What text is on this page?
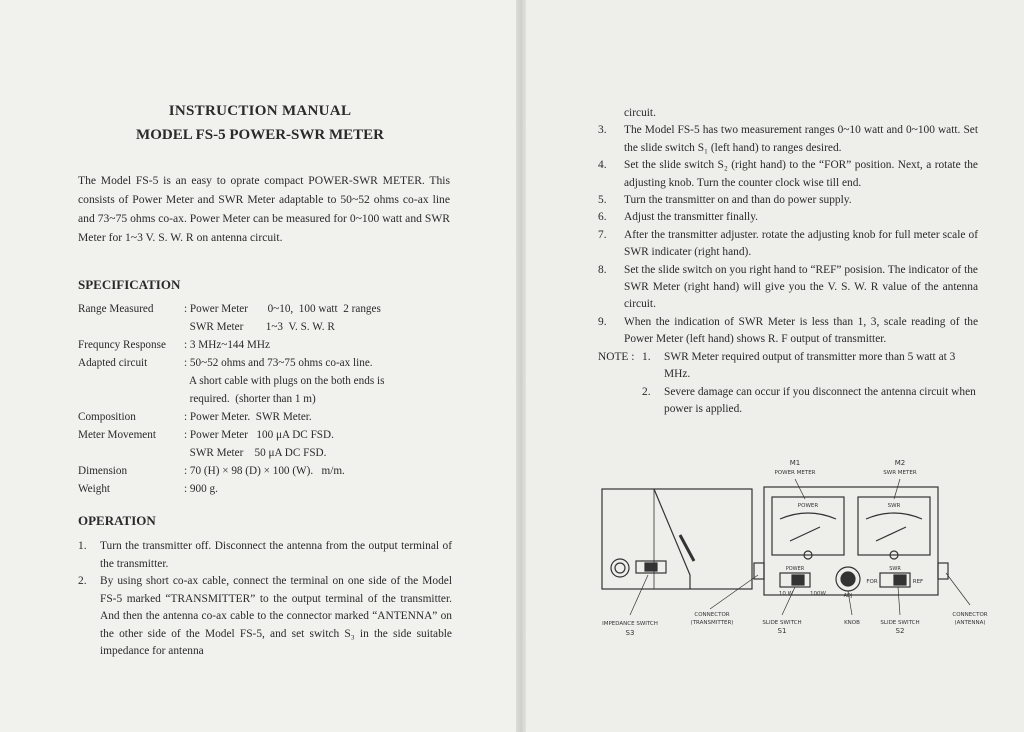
INSTRUCTION MANUAL
MODEL FS-5 POWER-SWR METER
The Model FS-5 is an easy to oprate compact POWER-SWR METER. This consists of Power Meter and SWR Meter adaptable to 50~52 ohms co-ax line and 73~75 ohms co-ax. Power Meter can be measured for 0~100 watt and SWR Meter for 1~3 V. S. W. R on antenna circuit.
SPECIFICATION
Range Measured	: Power Meter       0~10,  100 watt  2 ranges
SWR Meter        1~3  V. S. W. R
Frequncy Response	: 3 MHz~144 MHz
Adapted circuit	: 50~52 ohms and 73~75 ohms co-ax line.
A short cable with plugs on the both ends is
required.  (shorter than 1 m)
Composition	: Power Meter.  SWR Meter.
Meter Movement	: Power Meter   100 μA DC FSD.
SWR Meter    50 μA DC FSD.
Dimension	: 70 (H) × 98 (D) × 100 (W).   m/m.
Weight	: 900 g.
OPERATION
1.	Turn the transmitter off. Disconnect the antenna from the output terminal of the transmitter.
2.	By using short co-ax cable, connect the terminal on one side of the Model FS-5 marked “TRANSMITTER” to the output terminal of the transmitter. And then the antenna co-ax cable to the connector marked “ANTENNA” on the other side of the Model FS-5, and set switch S₃ in the side suitable impedance for antenna
circuit.
3.	The Model FS-5 has two measurement ranges 0~10 watt and 0~100 watt. Set the slide switch S₁ (left hand) to ranges desired.
4.	Set the slide switch S₂ (right hand) to the “FOR” position. Next, a rotate the adjusting knob. Turn the counter clock wise till end.
5.	Turn the transmitter on and than do power supply.
6.	Adjust the transmitter finally.
7.	After the transmitter adjuster. rotate the adjusting knob for full meter scale of SWR indicater (right hand).
8.	Set the slide switch on you right hand to “REF” posision. The indicator of the SWR Meter (right hand) will give you the V. S. W. R value of the antenna circuit.
9.	When the indication of SWR Meter is less than 1, 3, scale reading of the Power Meter (left hand) shows R. F output of transmitter.
NOTE : 1.	SWR Meter required output of transmitter more than 5 watt at 3 MHz.
2.	Severe damage can occur if you disconnect the antenna circuit when power is applied.
M1
POWER METER
M2
SWR METER
POWER	SWR
POWER	SWR
10 W	100W	ADJ
FOR	REF
IMPEDANCE SWITCH
S3
CONNECTOR
(TRANSMITTER)	SLIDE SWITCH
S1
KNOB	SLIDE SWITCH
S2
CONNECTOR
(ANTENNA)
